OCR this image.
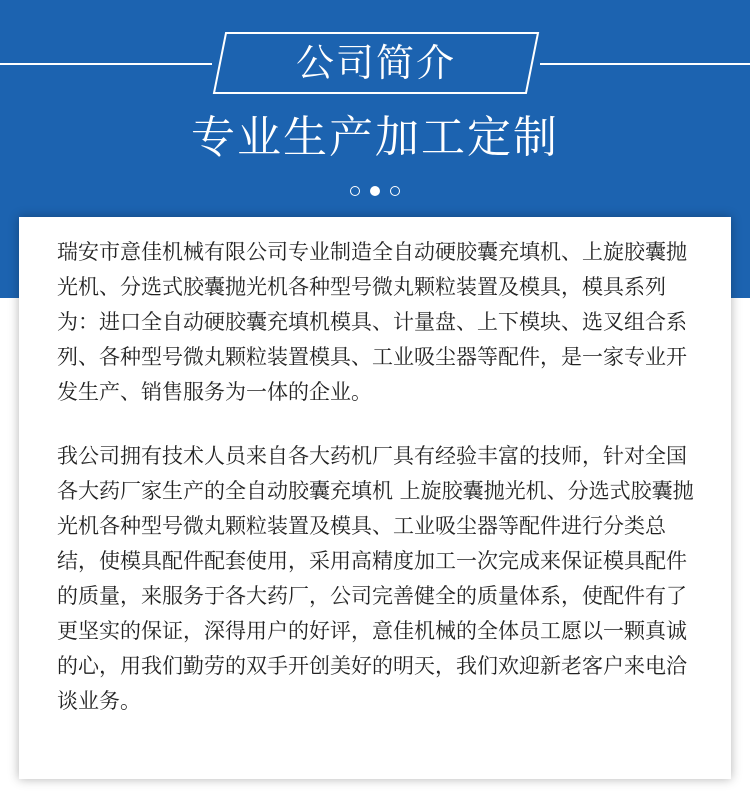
公司简介
专业生产加工定制

瑞安市意佳机械有限公司专业制造全自动硬胶囊充填机、上旋胶囊抛光机、分选式胶囊抛光机各种型号微丸颗粒装置及模具，模具系列为：进口全自动硬胶囊充填机模具、计量盘、上下模块、选叉组合系列、各种型号微丸颗粒装置模具、工业吸尘器等配件，是一家专业开发生产、销售服务为一体的企业。

我公司拥有技术人员来自各大药机厂具有经验丰富的技师，针对全国各大药厂家生产的全自动胶囊充填机 上旋胶囊抛光机、分选式胶囊抛光机各种型号微丸颗粒装置及模具、工业吸尘器等配件进行分类总结，使模具配件配套使用，采用高精度加工一次完成来保证模具配件的质量，来服务于各大药厂，公司完善健全的质量体系，使配件有了更坚实的保证，深得用户的好评，意佳机械的全体员工愿以一颗真诚的心，用我们勤劳的双手开创美好的明天，我们欢迎新老客户来电洽谈业务。
